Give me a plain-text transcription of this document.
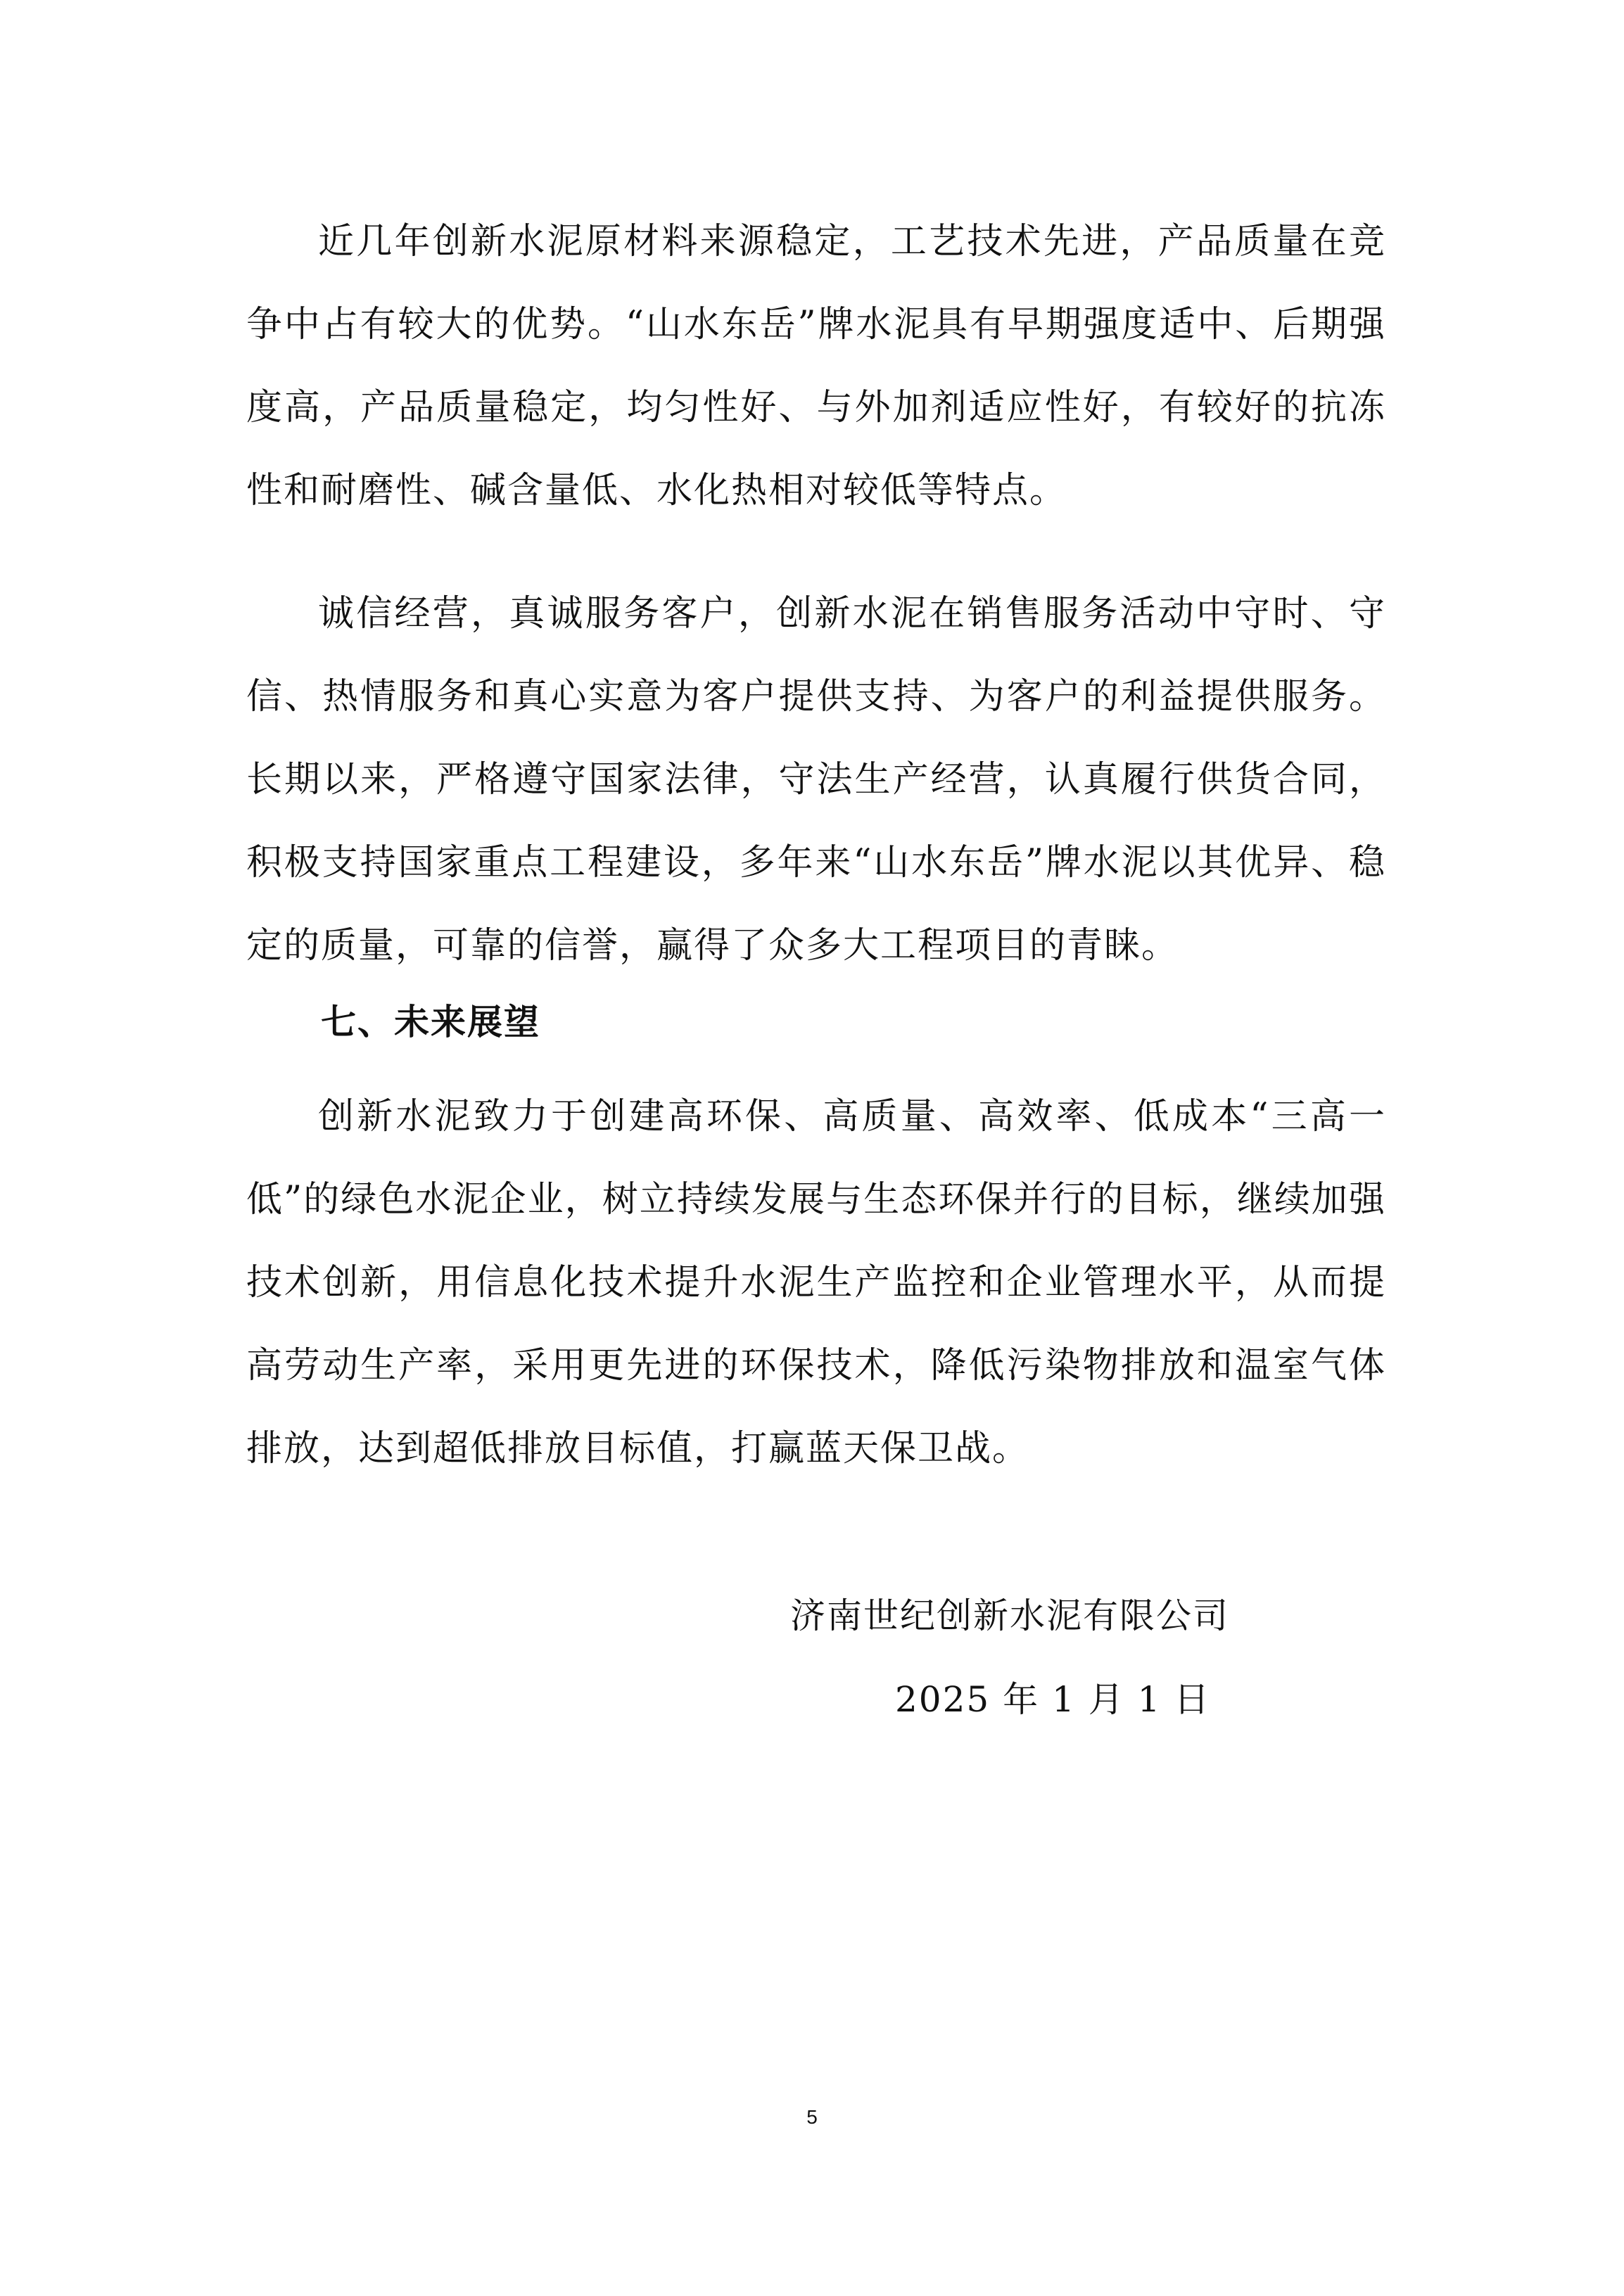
近几年创新水泥原材料来源稳定，工艺技术先进，产品质量在竞争中占有较大的优势。“山水东岳”牌水泥具有早期强度适中、后期强度高，产品质量稳定，均匀性好、与外加剂适应性好，有较好的抗冻性和耐磨性、碱含量低、水化热相对较低等特点。

诚信经营，真诚服务客户，创新水泥在销售服务活动中守时、守信、热情服务和真心实意为客户提供支持、为客户的利益提供服务。长期以来，严格遵守国家法律，守法生产经营，认真履行供货合同，积极支持国家重点工程建设，多年来“山水东岳”牌水泥以其优异、稳定的质量，可靠的信誉，赢得了众多大工程项目的青睐。

七、未来展望

创新水泥致力于创建高环保、高质量、高效率、低成本“三高一低”的绿色水泥企业，树立持续发展与生态环保并行的目标，继续加强技术创新，用信息化技术提升水泥生产监控和企业管理水平，从而提高劳动生产率，采用更先进的环保技术，降低污染物排放和温室气体排放，达到超低排放目标值，打赢蓝天保卫战。

济南世纪创新水泥有限公司
2025 年 1 月 1 日
5
